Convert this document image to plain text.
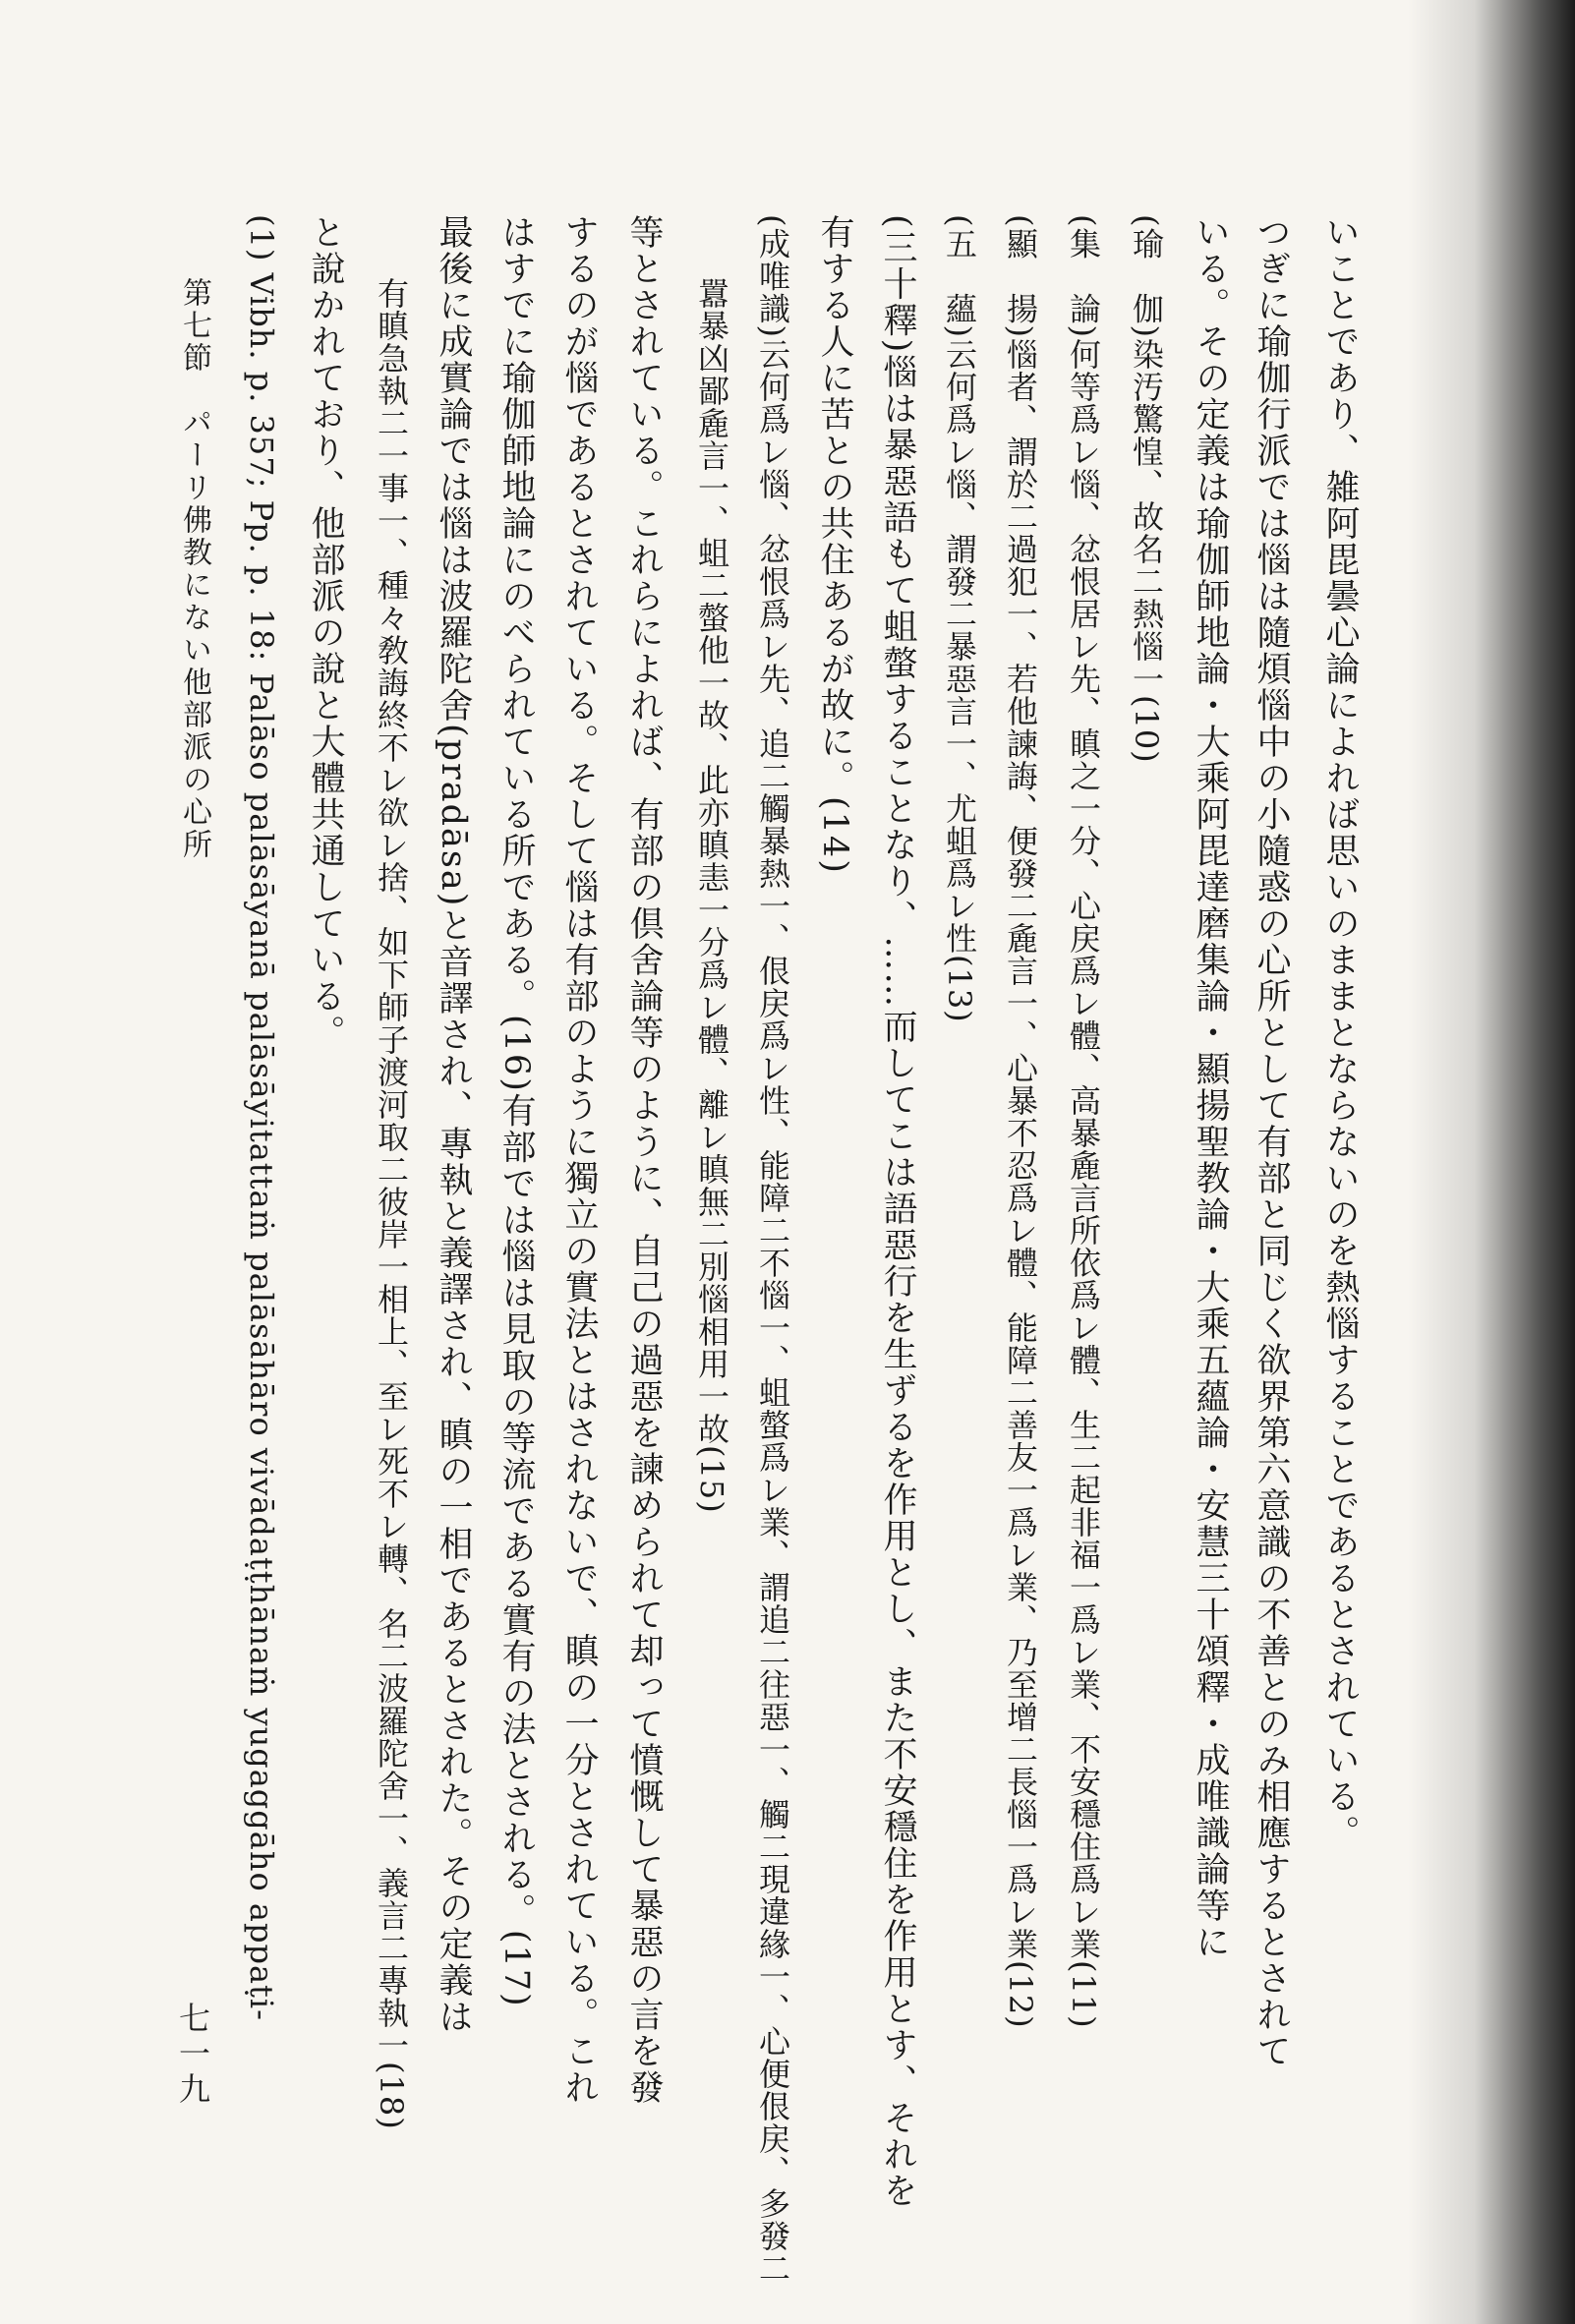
いことであり、雑阿毘曇心論によれば思いのままとならないのを熱惱することであるとされている。
つぎに瑜伽行派では惱は隨煩惱中の小隨惑の心所として有部と同じく欲界第六意識の不善とのみ相應するとされて
いる。その定義は瑜伽師地論・大乘阿毘達磨集論・顯揚聖教論・大乘五蘊論・安慧三十頌釋・成唯識論等に
(瑜　伽)染汚驚惶、故名二熱惱一(10)
(集　論)何等爲レ惱、忿恨居レ先、瞋之一分、心戻爲レ體、高暴麁言所依爲レ體、生二起非福一爲レ業、不安穩住爲レ業(11)
(顯　揚)惱者、謂於二過犯一、若他諫誨、便發二麁言一、心暴不忍爲レ體、能障二善友一爲レ業、乃至增二長惱一爲レ業(12)
(五　蘊)云何爲レ惱、謂發二暴惡言一、尤蛆爲レ性(13)
(三十釋)惱は暴惡語もて蛆螫することなり、……而してこは語惡行を生ずるを作用とし、また不安穩住を作用とす、それを
有する人に苦との共住あるが故に。(14)
(成唯識)云何爲レ惱、忿恨爲レ先、追二觸暴熱一、佷戻爲レ性、能障二不惱一、蛆螫爲レ業、謂追二往惡一、觸二現違緣一、心便佷戻、多發二
囂暴凶鄙麁言一、蛆二螫他一故、此亦瞋恚一分爲レ體、離レ瞋無二別惱相用一故(15)
等とされている。これらによれば、有部の倶舍論等のように、自己の過惡を諫められて却って憤慨して暴惡の言を發
するのが惱であるとされている。そして惱は有部のように獨立の實法とはされないで、瞋の一分とされている。これ
はすでに瑜伽師地論にのべられている所である。(16)有部では惱は見取の等流である實有の法とされる。(17)
最後に成實論では惱は波羅陀舍(pradāsa)と音譯され、專執と義譯され、瞋の一相であるとされた。その定義は
有瞋急執二一事一、種々敎誨終不レ欲レ捨、如下師子渡河取二彼岸一相上、至レ死不レ轉、名二波羅陀舍一、義言二專執一(18)
と說かれており、他部派の說と大體共通している。
(1) Vibh. p. 357; Pp. p. 18: Palāso palāsāyanā palāsāyitattaṁ palāsāhāro vivādaṭṭhānaṁ yugaggāho appaṭi-
第七節　パーリ佛教にない他部派の心所
七一九
